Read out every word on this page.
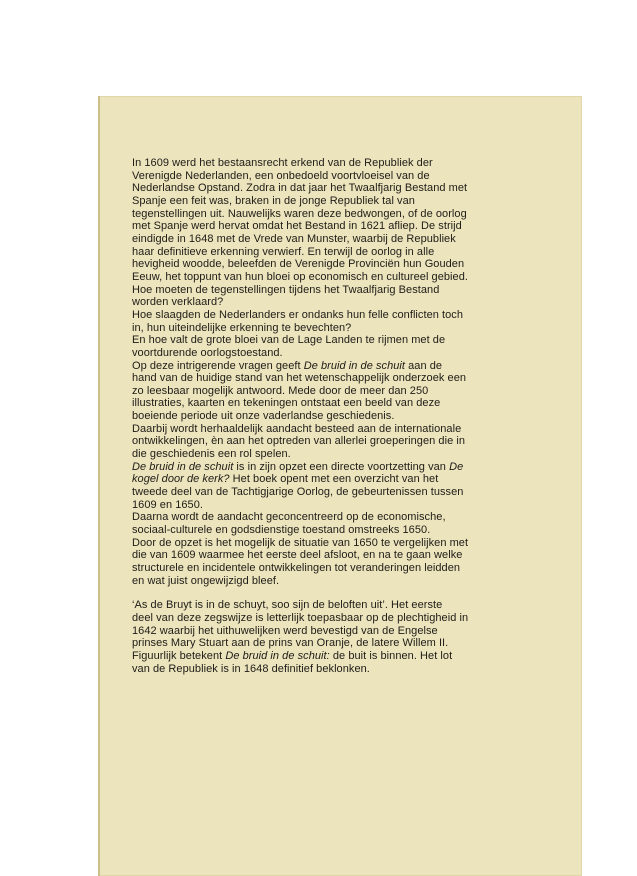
In 1609 werd het bestaansrecht erkend van de Republiek der
Verenigde Nederlanden, een onbedoeld voortvloeisel van de
Nederlandse Opstand. Zodra in dat jaar het Twaalfjarig Bestand met
Spanje een feit was, braken in de jonge Republiek tal van
tegenstellingen uit. Nauwelijks waren deze bedwongen, of de oorlog
met Spanje werd hervat omdat het Bestand in 1621 afliep. De strijd
eindigde in 1648 met de Vrede van Munster, waarbij de Republiek
haar definitieve erkenning verwierf. En terwijl de oorlog in alle
hevigheid woodde, beleefden de Verenigde Provinciën hun Gouden
Eeuw, het toppunt van hun bloei op economisch en cultureel gebied.
Hoe moeten de tegenstellingen tijdens het Twaalfjarig Bestand
worden verklaard?
Hoe slaagden de Nederlanders er ondanks hun felle conflicten toch
in, hun uiteindelijke erkenning te bevechten?
En hoe valt de grote bloei van de Lage Landen te rijmen met de
voortdurende oorlogstoestand.
Op deze intrigerende vragen geeft De bruid in de schuit aan de
hand van de huidige stand van het wetenschappelijk onderzoek een
zo leesbaar mogelijk antwoord. Mede door de meer dan 250
illustraties, kaarten en tekeningen ontstaat een beeld van deze
boeiende periode uit onze vaderlandse geschiedenis.
Daarbij wordt herhaaldelijk aandacht besteed aan de internationale
ontwikkelingen, èn aan het optreden van allerlei groeperingen die in
die geschiedenis een rol spelen.
De bruid in de schuit is in zijn opzet een directe voortzetting van De
kogel door de kerk? Het boek opent met een overzicht van het
tweede deel van de Tachtigjarige Oorlog, de gebeurtenissen tussen
1609 en 1650.
Daarna wordt de aandacht geconcentreerd op de economische,
sociaal-culturele en godsdienstige toestand omstreeks 1650.
Door de opzet is het mogelijk de situatie van 1650 te vergelijken met
die van 1609 waarmee het eerste deel afsloot, en na te gaan welke
structurele en incidentele ontwikkelingen tot veranderingen leidden
en wat juist ongewijzigd bleef.
‘As de Bruyt is in de schuyt, soo sijn de beloften uit’. Het eerste
deel van deze zegswijze is letterlijk toepasbaar op de plechtigheid in
1642 waarbij het uithuwelijken werd bevestigd van de Engelse
prinses Mary Stuart aan de prins van Oranje, de latere Willem II.
Figuurlijk betekent De bruid in de schuit: de buit is binnen. Het lot
van de Republiek is in 1648 definitief beklonken.
